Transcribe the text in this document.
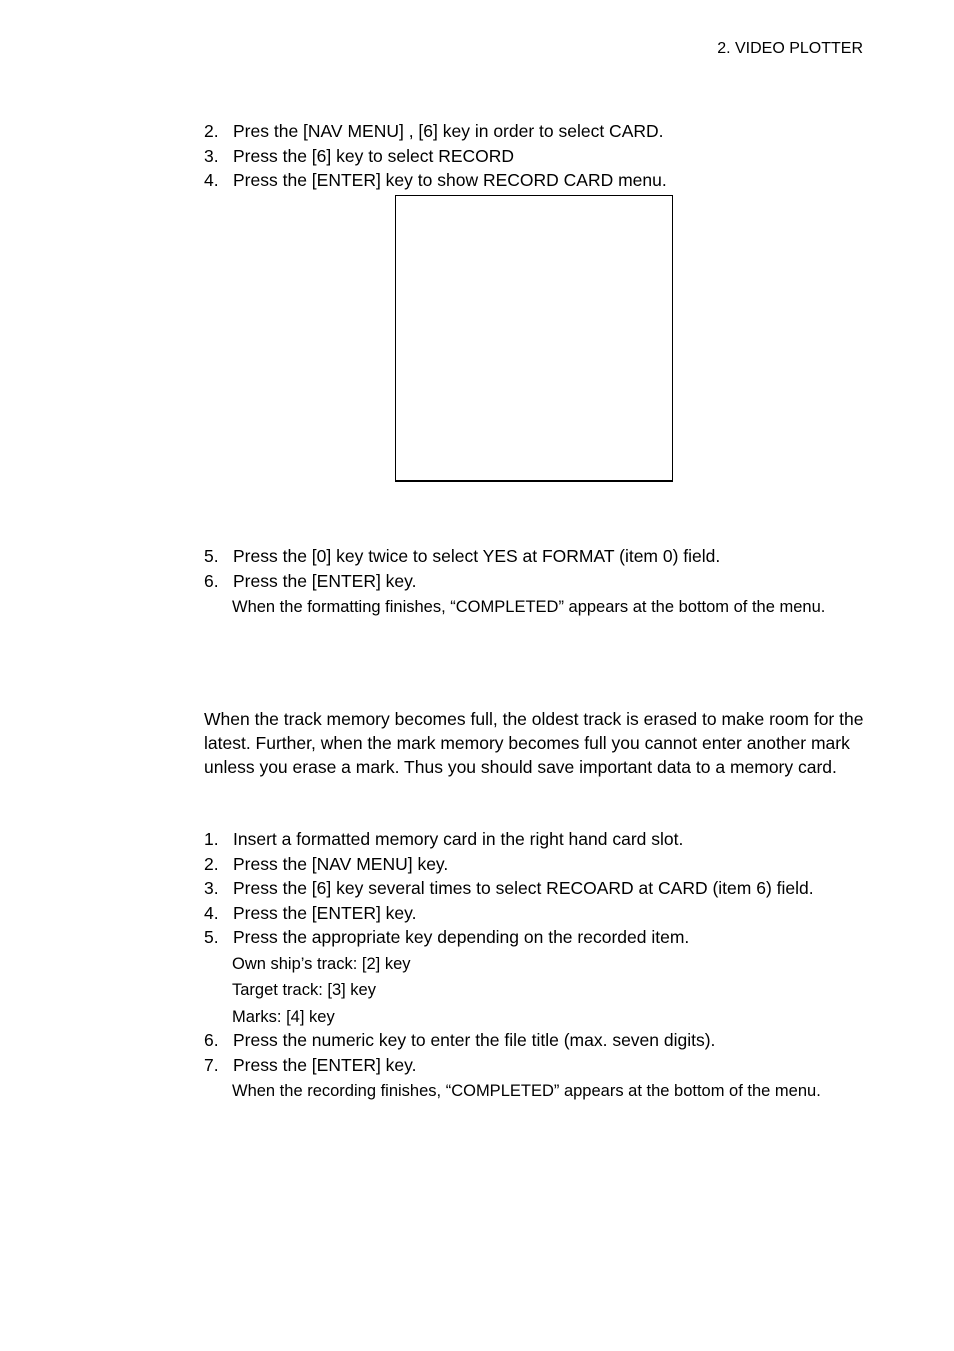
2. VIDEO PLOTTER
2. Pres the [NAV MENU] , [6] key in order to select CARD.
3. Press the [6] key to select RECORD
4. Press the [ENTER] key to show RECORD CARD menu.
5. Press the [0] key twice to select YES at FORMAT (item 0) field.
6. Press the [ENTER] key.
When the formatting finishes, “COMPLETED” appears at the bottom of the menu.

When the track memory becomes full, the oldest track is erased to make room for the latest. Further, when the mark memory becomes full you cannot enter another mark unless you erase a mark. Thus you should save important data to a memory card.

1. Insert a formatted memory card in the right hand card slot.
2. Press the [NAV MENU] key.
3. Press the [6] key several times to select RECOARD at CARD (item 6) field.
4. Press the [ENTER] key.
5. Press the appropriate key depending on the recorded item.
Own ship’s track: [2] key
Target track: [3] key
Marks: [4] key
6. Press the numeric key to enter the file title (max. seven digits).
7. Press the [ENTER] key.
When the recording finishes, “COMPLETED” appears at the bottom of the menu.
